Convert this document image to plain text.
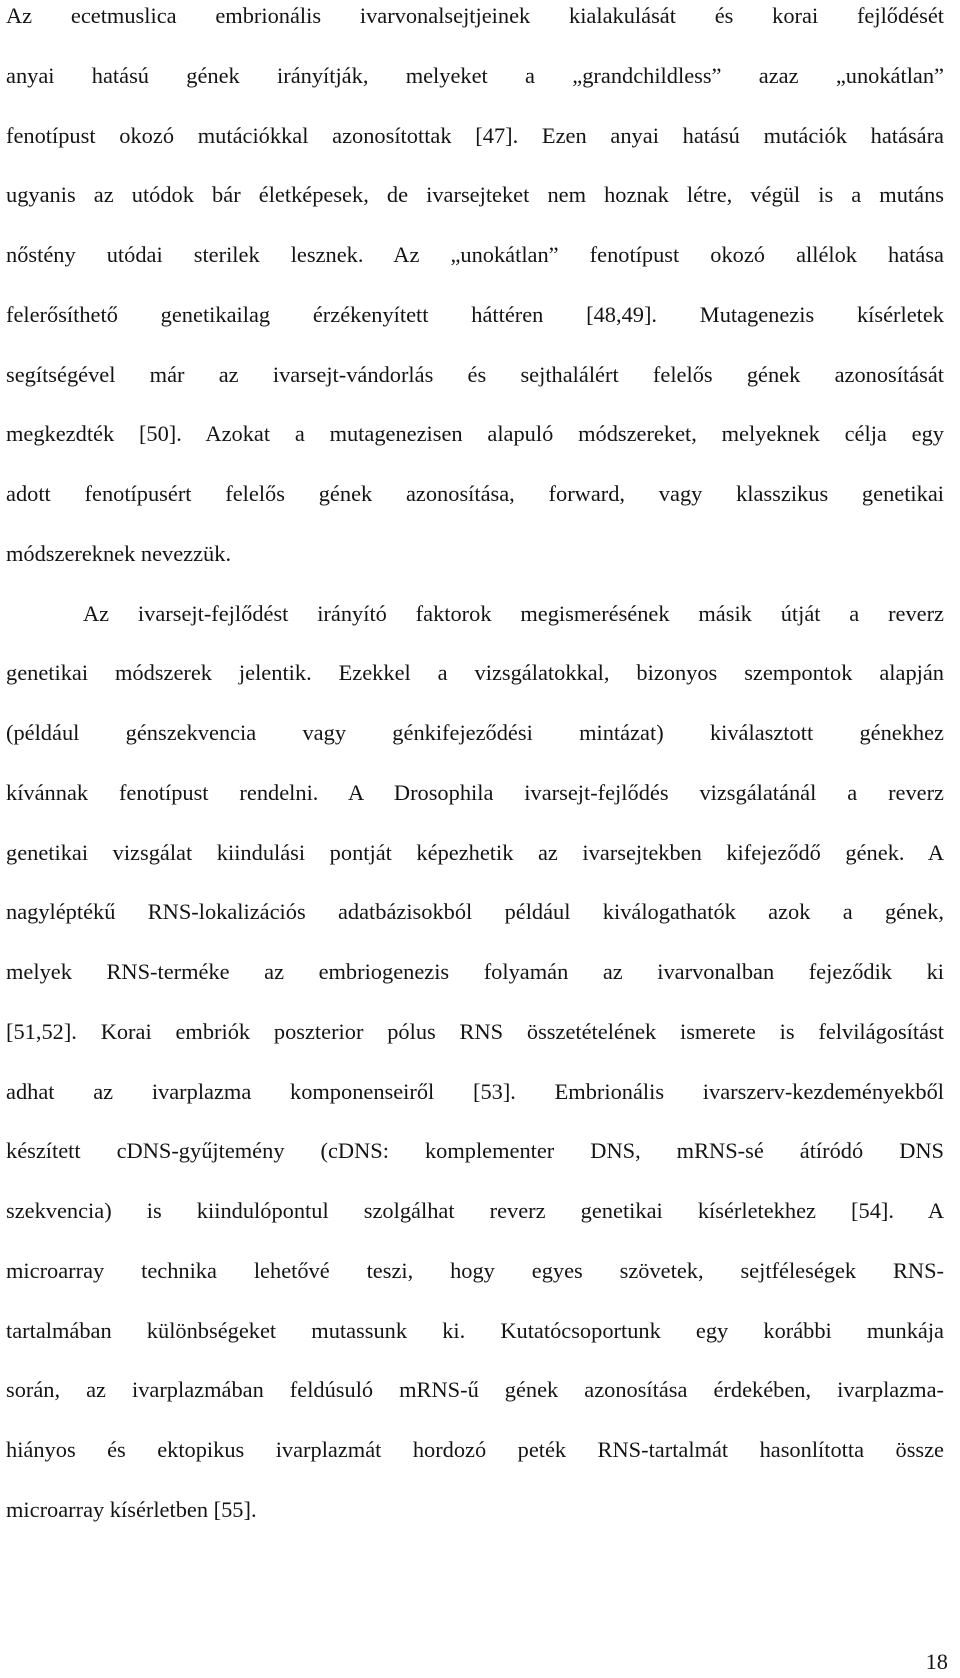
Az ecetmuslica embrionális ivarvonalsejtjeinek kialakulását és korai fejlődését
anyai hatású gének irányítják, melyeket a „grandchildless” azaz „unokátlan”
fenotípust okozó mutációkkal azonosítottak [47]. Ezen anyai hatású mutációk hatására
ugyanis az utódok bár életképesek, de ivarsejteket nem hoznak létre, végül is a mutáns
nőstény utódai sterilek lesznek. Az „unokátlan” fenotípust okozó allélok hatása
felerősíthető genetikailag érzékenyített háttéren [48,49]. Mutagenezis kísérletek
segítségével már az ivarsejt-vándorlás és sejthalálért felelős gének azonosítását
megkezdték [50]. Azokat a mutagenezisen alapuló módszereket, melyeknek célja egy
adott fenotípusért felelős gének azonosítása, forward, vagy klasszikus genetikai
módszereknek nevezzük.
Az ivarsejt-fejlődést irányító faktorok megismerésének másik útját a reverz
genetikai módszerek jelentik. Ezekkel a vizsgálatokkal, bizonyos szempontok alapján
(például génszekvencia vagy génkifejeződési mintázat) kiválasztott génekhez
kívánnak fenotípust rendelni. A Drosophila ivarsejt-fejlődés vizsgálatánál a reverz
genetikai vizsgálat kiindulási pontját képezhetik az ivarsejtekben kifejeződő gének. A
nagyléptékű RNS-lokalizációs adatbázisokból például kiválogathatók azok a gének,
melyek RNS-terméke az embriogenezis folyamán az ivarvonalban fejeződik ki
[51,52]. Korai embriók poszterior pólus RNS összetételének ismerete is felvilágosítást
adhat az ivarplazma komponenseiről [53]. Embrionális ivarszerv-kezdeményekből
készített cDNS-gyűjtemény (cDNS: komplementer DNS, mRNS-sé átíródó DNS
szekvencia) is kiindulópontul szolgálhat reverz genetikai kísérletekhez [54]. A
microarray technika lehetővé teszi, hogy egyes szövetek, sejtféleségek RNS-
tartalmában különbségeket mutassunk ki. Kutatócsoportunk egy korábbi munkája
során, az ivarplazmában feldúsuló mRNS-ű gének azonosítása érdekében, ivarplazma-
hiányos és ektopikus ivarplazmát hordozó peték RNS-tartalmát hasonlította össze
microarray kísérletben [55].
18
